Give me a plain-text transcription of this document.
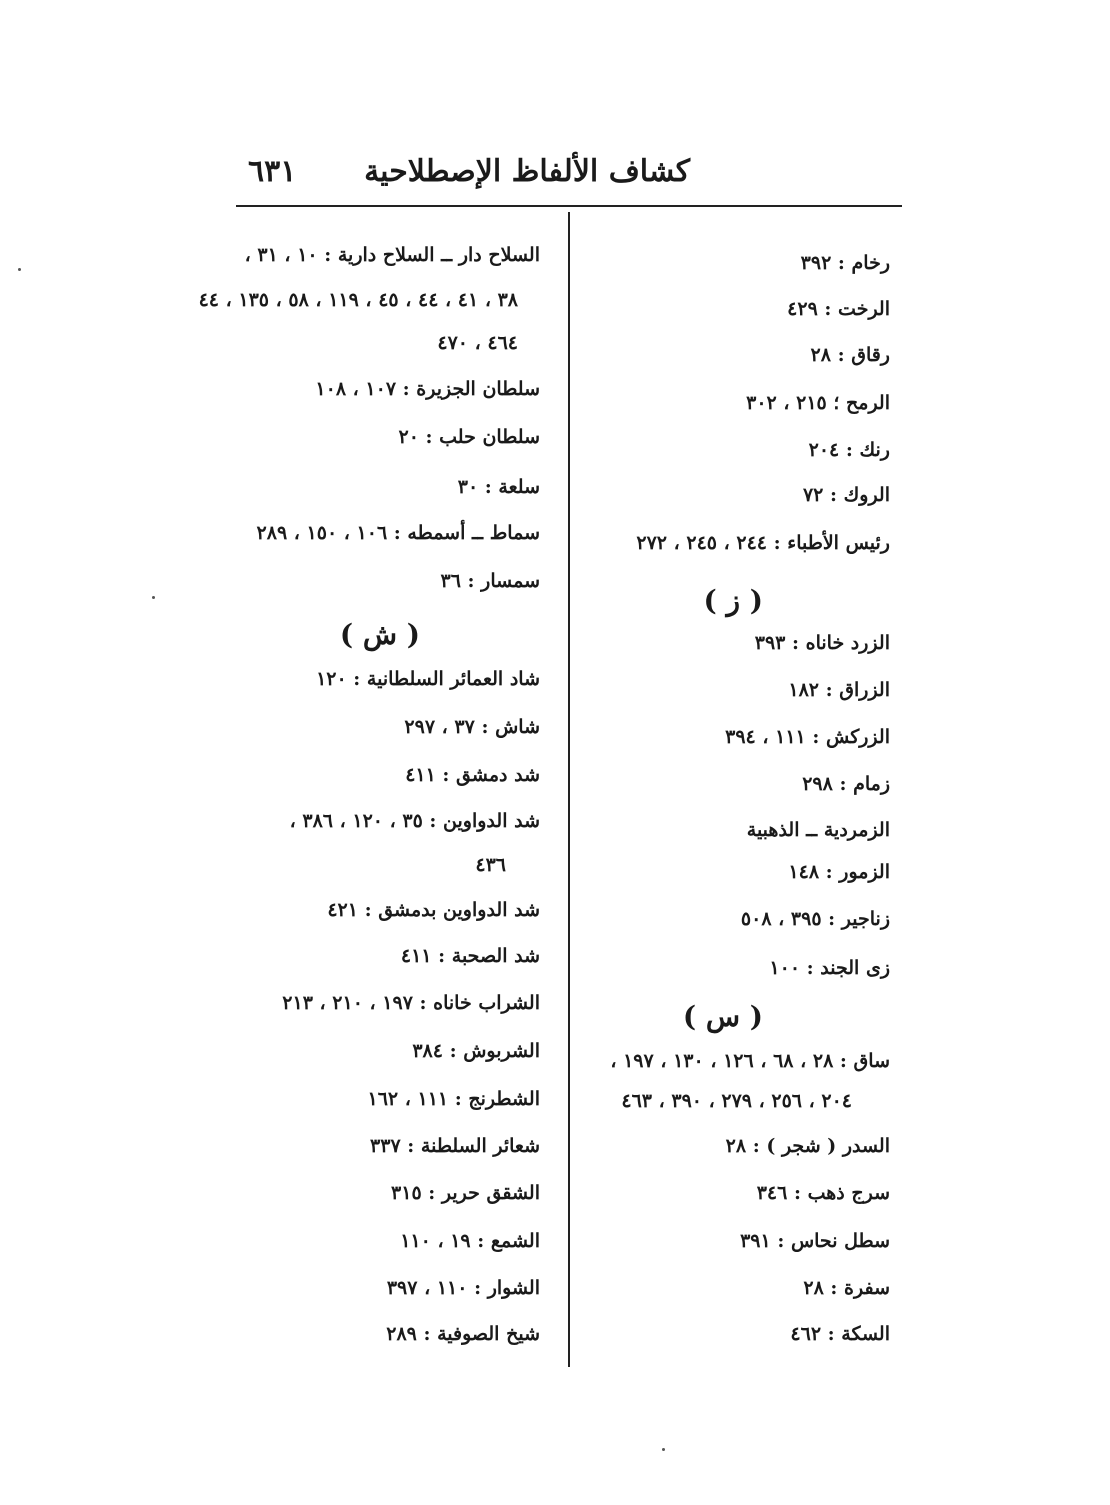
كشاف الألفاظ الإصطلاحية
٦٣١
رخام : ٣٩٢
الرخت : ٤٢٩
رقاق : ٢٨
الرمح ؛ ٢١٥ ، ٣٠٢
رنك : ٢٠٤
الروك : ٧٢
رئيس الأطباء : ٢٤٤ ، ٢٤٥ ، ٢٧٢
( ز )
الزرد خاناه : ٣٩٣
الزراق : ١٨٢
الزركش : ١١١ ، ٣٩٤
زمام : ٢٩٨
الزمردية ــ الذهبية
الزمور : ١٤٨
زناجير : ٣٩٥ ، ٥٠٨
زى الجند : ١٠٠
( س )
ساق : ٢٨ ، ٦٨ ، ١٢٦ ، ١٣٠ ، ١٩٧ ،
٢٠٤ ، ٢٥٦ ، ٢٧٩ ، ٣٩٠ ، ٤٦٣
السدر ( شجر ) : ٢٨
سرج ذهب : ٣٤٦
سطل نحاس : ٣٩١
سفرة : ٢٨
السكة : ٤٦٢
السلاح دار ــ السلاح دارية : ١٠ ، ٣١ ،
٣٨ ، ٤١ ، ٤٤ ، ٤٥ ، ١١٩ ، ٥٨ ، ١٣٥ ، ٤٤
٤٦٤ ، ٤٧٠
سلطان الجزيرة : ١٠٧ ، ١٠٨
سلطان حلب : ٢٠
سلعة : ٣٠
سماط ــ أسمطه : ١٠٦ ، ١٥٠ ، ٢٨٩
سمسار : ٣٦
( ش )
شاد العمائر السلطانية : ١٢٠
شاش : ٣٧ ، ٢٩٧
شد دمشق : ٤١١
شد الدواوين : ٣٥ ، ١٢٠ ، ٣٨٦ ،
٤٣٦
شد الدواوين بدمشق : ٤٢١
شد الصحبة : ٤١١
الشراب خاناه : ١٩٧ ، ٢١٠ ، ٢١٣
الشربوش : ٣٨٤
الشطرنج : ١١١ ، ١٦٢
شعائر السلطنة : ٣٣٧
الشقق حرير : ٣١٥
الشمع : ١٩ ، ١١٠
الشوار : ١١٠ ، ٣٩٧
شيخ الصوفية : ٢٨٩
